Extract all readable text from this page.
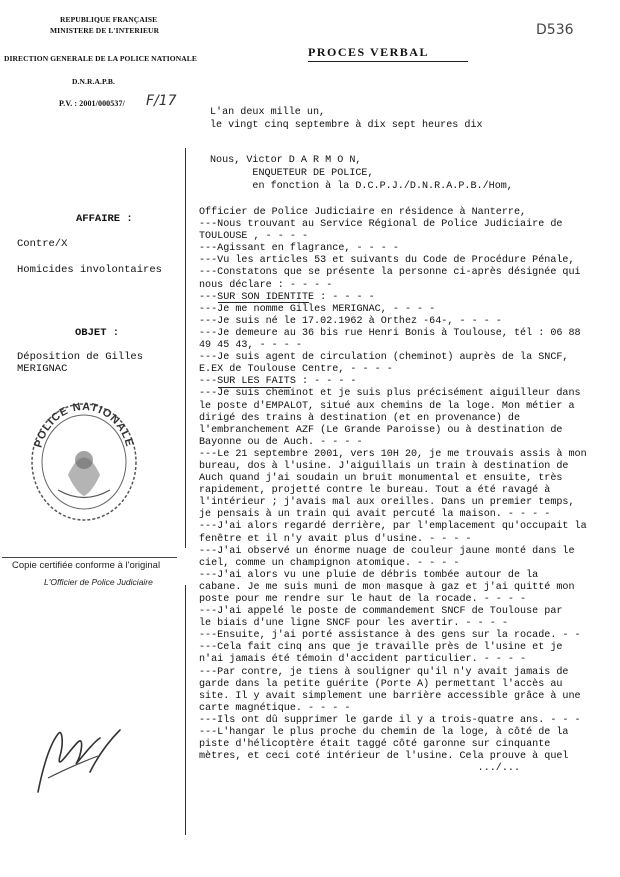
REPUBLIQUE FRANÇAISE
MINISTERE DE L'INTERIEUR
DIRECTION GENERALE DE LA POLICE NATIONALE
D.N.R.A.P.B.
P.V. : 2001/000537/ F/17
PROCES VERBAL
D536
L'an deux mille un,
le vingt cinq septembre à dix sept heures dix
Nous, Victor D A R M O N,
ENQUETEUR DE POLICE,
en fonction à la D.C.P.J./D.N.R.A.P.B./Hom,
AFFAIRE :
Contre/X
Homicides involontaires
OBJET :
Déposition de Gilles
MERIGNAC
POLICE NATIONALE
Copie certifiée conforme à l'original
L'Officier de Police Judiciaire
Officier de Police Judiciaire en résidence à Nanterre,
---Nous trouvant au Service Régional de Police Judiciaire de
TOULOUSE , - - - -
---Agissant en flagrance, - - - -
---Vu les articles 53 et suivants du Code de Procédure Pénale,
---Constatons que se présente la personne ci-après désignée qui
nous déclare : - - - -
---SUR SON IDENTITE : - - - -
---Je me nomme Gilles MERIGNAC, - - - -
---Je suis né le 17.02.1962 à Orthez -64-, - - - -
---Je demeure au 36 bis rue Henri Bonis à Toulouse, tél : 06 88
49 45 43, - - - -
---Je suis agent de circulation (cheminot) auprès de la SNCF,
E.EX de Toulouse Centre, - - - -
---SUR LES FAITS : - - - -
---Je suis cheminot et je suis plus précisément aiguilleur dans
le poste d'EMPALOT, situé aux chemins de la loge. Mon métier a
dirigé des trains à destination (et en provenance) de
l'embranchement AZF (Le Grande Paroisse) ou à destination de
Bayonne ou de Auch. - - - -
---Le 21 septembre 2001, vers 10H 20, je me trouvais assis à mon
bureau, dos à l'usine. J'aiguillais un train à destination de
Auch quand j'ai soudain un bruit monumental et ensuite, très
rapidement, projetté contre le bureau. Tout a été ravagé à
l'intérieur ; j'avais mal aux oreilles. Dans un premier temps,
je pensais à un train qui avait percuté la maison. - - - -
---J'ai alors regardé derrière, par l'emplacement qu'occupait la
fenêtre et il n'y avait plus d'usine. - - - -
---J'ai observé un énorme nuage de couleur jaune monté dans le
ciel, comme un champignon atomique. - - - -
---J'ai alors vu une pluie de débris tombée autour de la
cabane. Je me suis muni de mon masque à gaz et j'ai quitté mon
poste pour me rendre sur le haut de la rocade. - - - -
---J'ai appelé le poste de commandement SNCF de Toulouse par
le biais d'une ligne SNCF pour les avertir. - - - -
---Ensuite, j'ai porté assistance à des gens sur la rocade. - -
---Cela fait cinq ans que je travaille près de l'usine et je
n'ai jamais été témoin d'accident particulier. - - - -
---Par contre, je tiens à souligner qu'il n'y avait jamais de
garde dans la petite guérite (Porte A) permettant l'accès au
site. Il y avait simplement une barrière accessible grâce à une
carte magnétique. - - - -
---Ils ont dû supprimer le garde il y a trois-quatre ans. - - -
---L'hangar le plus proche du chemin de la loge, à côté de la
piste d'hélicoptère était taggé côté garonne sur cinquante
mètres, et ceci coté intérieur de l'usine. Cela prouve à quel
.../...
